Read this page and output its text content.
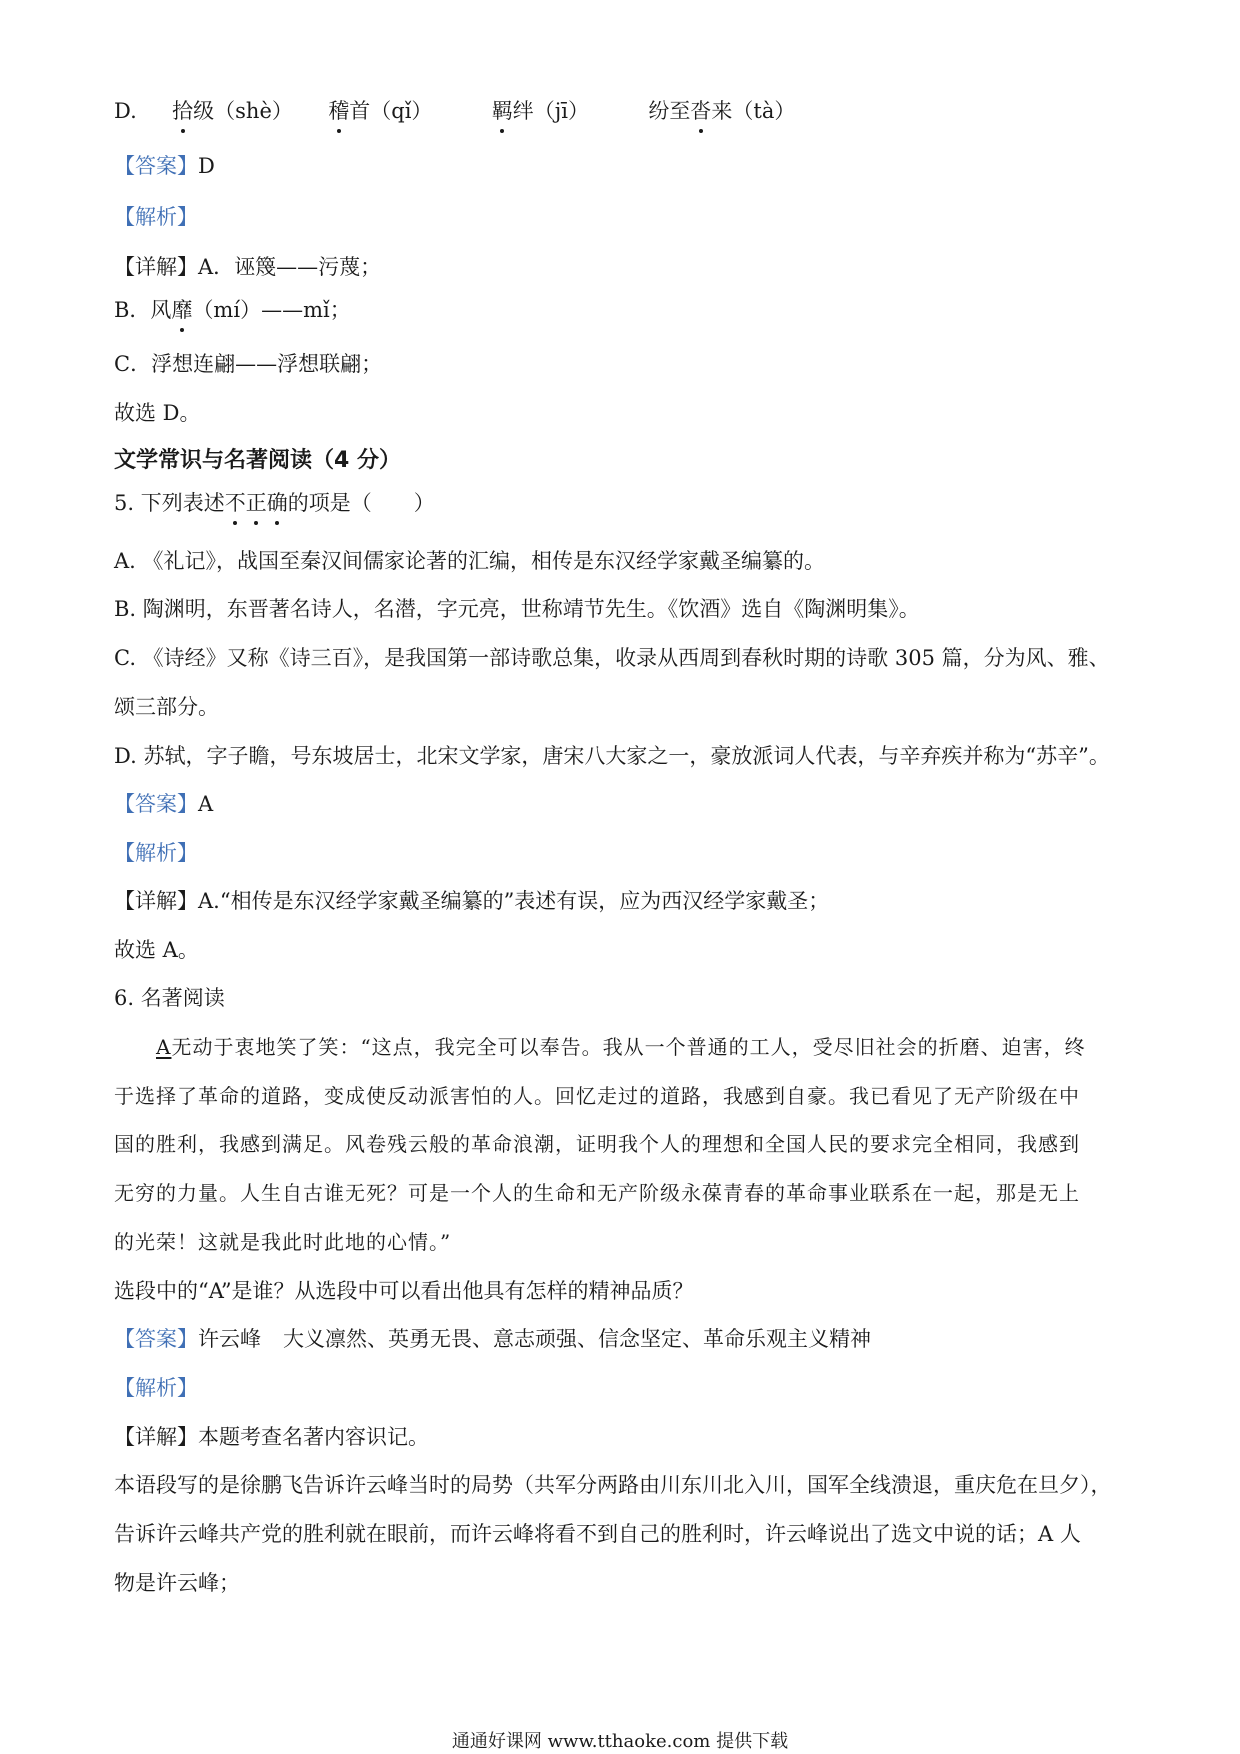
D. 拾级（shè） 稽首（qǐ）	羁绊（jī）	纷至沓来（tà）
【答案】D
【解析】
【详解】A．诬篾——污蔑；
B．风靡（mí）——mǐ；
C．浮想连翩——浮想联翩；
故选 D。
文学常识与名著阅读（4 分）
5. 下列表述不正确的项是（　　）
A. 《礼记》，战国至秦汉间儒家论著的汇编，相传是东汉经学家戴圣编纂的。
B. 陶渊明，东晋著名诗人，名潜，字元亮，世称靖节先生。《饮酒》选自《陶渊明集》。
C. 《诗经》又称《诗三百》，是我国第一部诗歌总集，收录从西周到春秋时期的诗歌 305 篇，分为风、雅、
颂三部分。
D. 苏轼，字子瞻，号东坡居士，北宋文学家，唐宋八大家之一，豪放派词人代表，与辛弃疾并称为“苏辛”。
【答案】A
【解析】
【详解】A.“相传是东汉经学家戴圣编纂的”表述有误，应为西汉经学家戴圣；
故选 A。
6. 名著阅读
A无动于衷地笑了笑：“这点，我完全可以奉告。我从一个普通的工人，受尽旧社会的折磨、迫害，终
于选择了革命的道路，变成使反动派害怕的人。回忆走过的道路，我感到自豪。我已看见了无产阶级在中
国的胜利，我感到满足。风卷残云般的革命浪潮，证明我个人的理想和全国人民的要求完全相同，我感到
无穷的力量。人生自古谁无死？可是一个人的生命和无产阶级永葆青春的革命事业联系在一起，那是无上
的光荣！这就是我此时此地的心情。”
选段中的“A”是谁？从选段中可以看出他具有怎样的精神品质？
【答案】许云峰 大义凛然、英勇无畏、意志顽强、信念坚定、革命乐观主义精神
【解析】
【详解】本题考查名著内容识记。
本语段写的是徐鹏飞告诉许云峰当时的局势（共军分两路由川东川北入川，国军全线溃退，重庆危在旦夕），
告诉许云峰共产党的胜利就在眼前，而许云峰将看不到自己的胜利时，许云峰说出了选文中说的话；A 人
物是许云峰；
通通好课网 www.tthaoke.com 提供下载
